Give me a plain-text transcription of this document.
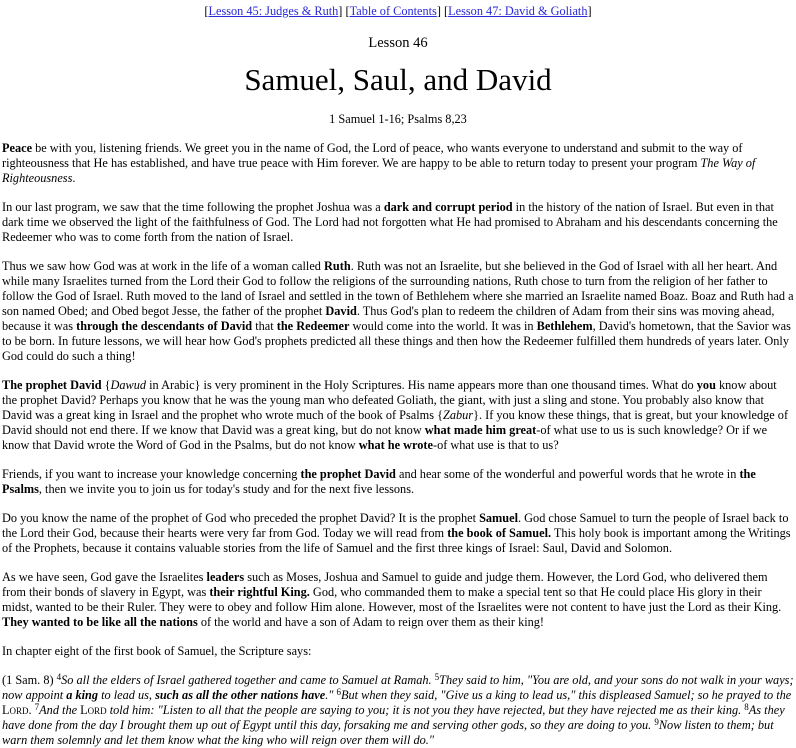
[Lesson 45: Judges & Ruth] [Table of Contents] [Lesson 47: David & Goliath]
Lesson 46
Samuel, Saul, and David
1 Samuel 1-16; Psalms 8,23

Peace be with you, listening friends. We greet you in the name of God, the Lord of peace, who wants everyone to understand and submit to the way of righteousness that He has established, and have true peace with Him forever. We are happy to be able to return today to present your program The Way of Righteousness.

In our last program, we saw that the time following the prophet Joshua was a dark and corrupt period in the history of the nation of Israel. But even in that dark time we observed the light of the faithfulness of God. The Lord had not forgotten what He had promised to Abraham and his descendants concerning the Redeemer who was to come forth from the nation of Israel.

Thus we saw how God was at work in the life of a woman called Ruth. Ruth was not an Israelite, but she believed in the God of Israel with all her heart. And while many Israelites turned from the Lord their God to follow the religions of the surrounding nations, Ruth chose to turn from the religion of her father to follow the God of Israel. Ruth moved to the land of Israel and settled in the town of Bethlehem where she married an Israelite named Boaz. Boaz and Ruth had a son named Obed; and Obed begot Jesse, the father of the prophet David. Thus God's plan to redeem the children of Adam from their sins was moving ahead, because it was through the descendants of David that the Redeemer would come into the world. It was in Bethlehem, David's hometown, that the Savior was to be born. In future lessons, we will hear how God's prophets predicted all these things and then how the Redeemer fulfilled them hundreds of years later. Only God could do such a thing!

The prophet David {Dawud in Arabic} is very prominent in the Holy Scriptures. His name appears more than one thousand times. What do you know about the prophet David? Perhaps you know that he was the young man who defeated Goliath, the giant, with just a sling and stone. You probably also know that David was a great king in Israel and the prophet who wrote much of the book of Psalms {Zabur}. If you know these things, that is great, but your knowledge of David should not end there. If we know that David was a great king, but do not know what made him great-of what use to us is such knowledge? Or if we know that David wrote the Word of God in the Psalms, but do not know what he wrote-of what use is that to us?

Friends, if you want to increase your knowledge concerning the prophet David and hear some of the wonderful and powerful words that he wrote in the Psalms, then we invite you to join us for today's study and for the next five lessons.

Do you know the name of the prophet of God who preceded the prophet David? It is the prophet Samuel. God chose Samuel to turn the people of Israel back to the Lord their God, because their hearts were very far from God. Today we will read from the book of Samuel. This holy book is important among the Writings of the Prophets, because it contains valuable stories from the life of Samuel and the first three kings of Israel: Saul, David and Solomon.

As we have seen, God gave the Israelites leaders such as Moses, Joshua and Samuel to guide and judge them. However, the Lord God, who delivered them from their bonds of slavery in Egypt, was their rightful King. God, who commanded them to make a special tent so that He could place His glory in their midst, wanted to be their Ruler. They were to obey and follow Him alone. However, most of the Israelites were not content to have just the Lord as their King. They wanted to be like all the nations of the world and have a son of Adam to reign over them as their king!

In chapter eight of the first book of Samuel, the Scripture says:

(1 Sam. 8) $^4$So all the elders of Israel gathered together and came to Samuel at Ramah. $^5$They said to him, "You are old, and your sons do not walk in your ways; now appoint a king to lead us, such as all the other nations have." $^6$But when they said, "Give us a king to lead us," this displeased Samuel; so he prayed to the Lord. $^7$And the Lord told him: "Listen to all that the people are saying to you; it is not you they have rejected, but they have rejected me as their king. $^8$As they have done from the day I brought them up out of Egypt until this day, forsaking me and serving other gods, so they are doing to you. $^9$Now listen to them; but warn them solemnly and let them know what the king who will reign over them will do."
